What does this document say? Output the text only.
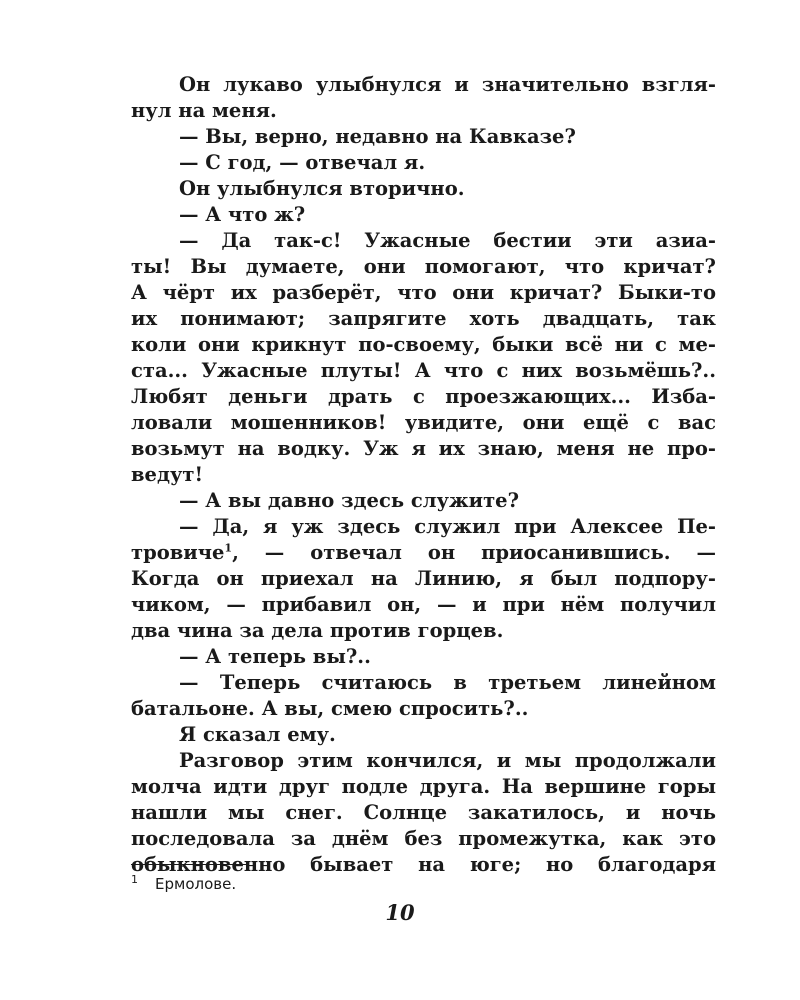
Он лукаво улыбнулся и значительно взгля-
нул на меня.
— Вы, верно, недавно на Кавказе?
— С год, — отвечал я.
Он улыбнулся вторично.
— А что ж?
— Да так-с! Ужасные бестии эти азиа-
ты! Вы думаете, они помогают, что кричат?
А чёрт их разберёт, что они кричат? Быки-то
их понимают; запрягите хоть двадцать, так
коли они крикнут по-своему, быки всё ни с ме-
ста... Ужасные плуты! А что с них возьмёшь?..
Любят деньги драть с проезжающих... Изба-
ловали мошенников! увидите, они ещё с вас
возьмут на водку. Уж я их знаю, меня не про-
ведут!
— А вы давно здесь служите?
— Да, я уж здесь служил при Алексее Пе-
тровиче$^1$, — отвечал он приосанившись. —
Когда он приехал на Линию, я был подпору-
чиком, — прибавил он, — и при нём получил
два чина за дела против горцев.
— А теперь вы?..
— Теперь считаюсь в третьем линейном
батальоне. А вы, смею спросить?..
Я сказал ему.
Разговор этим кончился, и мы продолжали
молча идти друг подле друга. На вершине горы
нашли мы снег. Солнце закатилось, и ночь
последовала за днём без промежутка, как это
обыкновенно бывает на юге; но благодаря
1 Ермолове.
10
